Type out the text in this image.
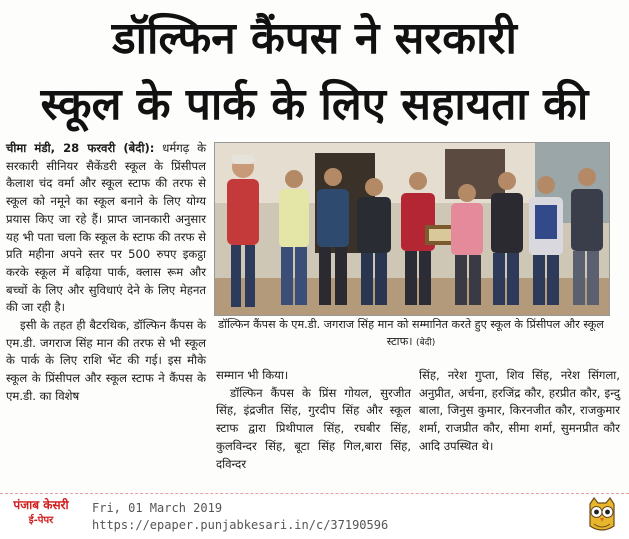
डॉल्फिन कैंपस ने सरकारी
स्कूल के पार्क के लिए सहायता की

चीमा मंडी, 28 फरवरी (बेदी): धर्मगढ़ के सरकारी सीनियर सैकेंडरी स्कूल के प्रिंसीपल कैलाश चंद वर्मा और स्कूल स्टाफ की तरफ से स्कूल को नमूने का स्कूल बनाने के लिए योग्य प्रयास किए जा रहे हैं। प्राप्त जानकारी अनुसार यह भी पता चला कि स्कूल के स्टाफ की तरफ से प्रति महीना अपने स्तर पर 500 रुपए इकट्ठा करके स्कूल में बढ़िया पार्क, क्लास रूम और बच्चों के लिए और सुविधाएं देने के लिए मेहनत की जा रही है।

इसी के तहत ही बैटरथिक, डॉल्फिन कैंपस के एम.डी. जगराज सिंह मान की तरफ से भी स्कूल के पार्क के लिए राशि भेंट की गई। इस मौके स्कूल के प्रिंसीपल और स्कूल स्टाफ ने कैंपस के एम.डी. का विशेष

डॉल्फिन कैंपस के एम.डी. जगराज सिंह मान को सम्मानित करते हुए स्कूल के प्रिंसीपल और स्कूल स्टाफ। (बेदी)

सम्मान भी किया।

डॉल्फिन कैंपस के प्रिंस गोयल, सुरजीत सिंह, इंद्रजीत सिंह, गुरदीप सिंह और स्कूल स्टाफ द्वारा प्रिथीपाल सिंह, रघबीर सिंह, कुलविन्दर सिंह, बूटा सिंह गिल,बारा सिंह, दविन्दर

सिंह, नरेश गुप्ता, शिव सिंह, नरेश सिंगला, अनुप्रीत, अर्चना, हरजिंद्र कौर, हरप्रीत कौर, इन्दु बाला, जिनुस कुमार, किरनजीत कौर, राजकुमार शर्मा, राजप्रीत कौर, सीमा शर्मा, सुमनप्रीत कौर आदि उपस्थित थे।

पंजाब केसरी
ई-पेपर
Fri, 01 March 2019
https://epaper.punjabkesari.in/c/37190596
